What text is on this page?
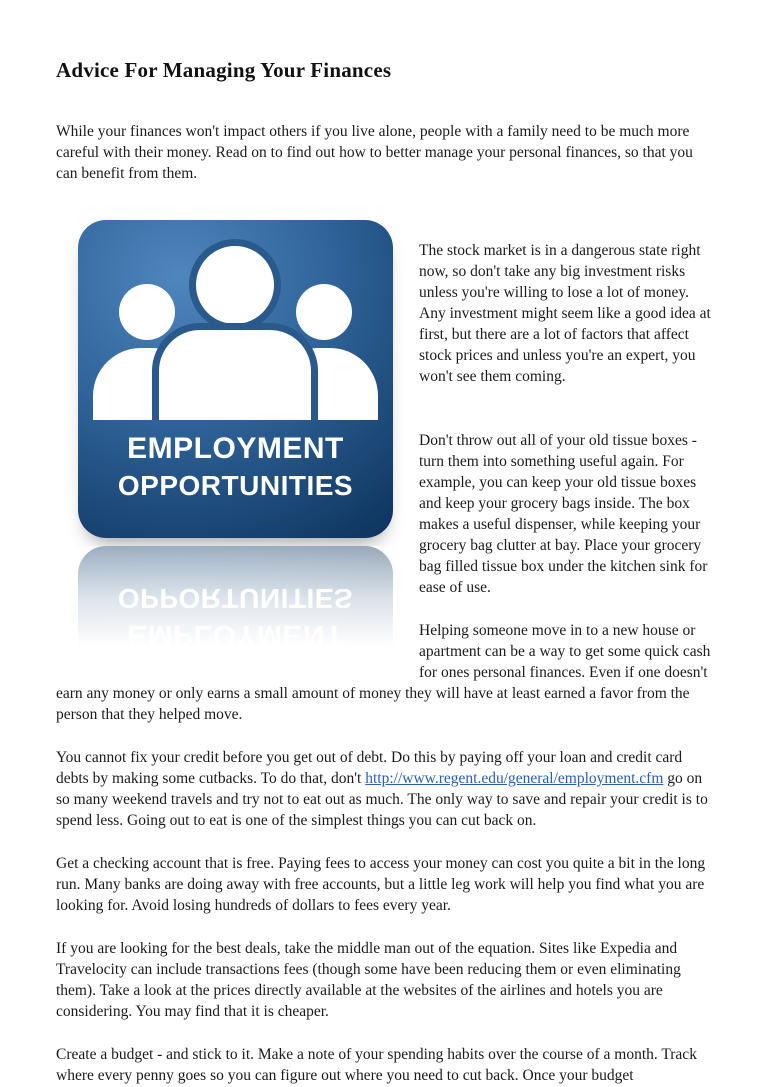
Advice For Managing Your Finances

While your finances won't impact others if you live alone, people with a family need to be much more careful with their money. Read on to find out how to better manage your personal finances, so that you can benefit from them.

EMPLOYMENT
OPPORTUNITIES

The stock market is in a dangerous state right now, so don't take any big investment risks unless you're willing to lose a lot of money. Any investment might seem like a good idea at first, but there are a lot of factors that affect stock prices and unless you're an expert, you won't see them coming.

Don't throw out all of your old tissue boxes - turn them into something useful again. For example, you can keep your old tissue boxes and keep your grocery bags inside. The box makes a useful dispenser, while keeping your grocery bag clutter at bay. Place your grocery bag filled tissue box under the kitchen sink for ease of use.

Helping someone move in to a new house or apartment can be a way to get some quick cash for ones personal finances. Even if one doesn't earn any money or only earns a small amount of money they will have at least earned a favor from the person that they helped move.

You cannot fix your credit before you get out of debt. Do this by paying off your loan and credit card debts by making some cutbacks. To do that, don't http://www.regent.edu/general/employment.cfm go on so many weekend travels and try not to eat out as much. The only way to save and repair your credit is to spend less. Going out to eat is one of the simplest things you can cut back on.

Get a checking account that is free. Paying fees to access your money can cost you quite a bit in the long run. Many banks are doing away with free accounts, but a little leg work will help you find what you are looking for. Avoid losing hundreds of dollars to fees every year.

If you are looking for the best deals, take the middle man out of the equation. Sites like Expedia and Travelocity can include transactions fees (though some have been reducing them or even eliminating them). Take a look at the prices directly available at the websites of the airlines and hotels you are considering. You may find that it is cheaper.

Create a budget - and stick to it. Make a note of your spending habits over the course of a month. Track where every penny goes so you can figure out where you need to cut back. Once your budget
